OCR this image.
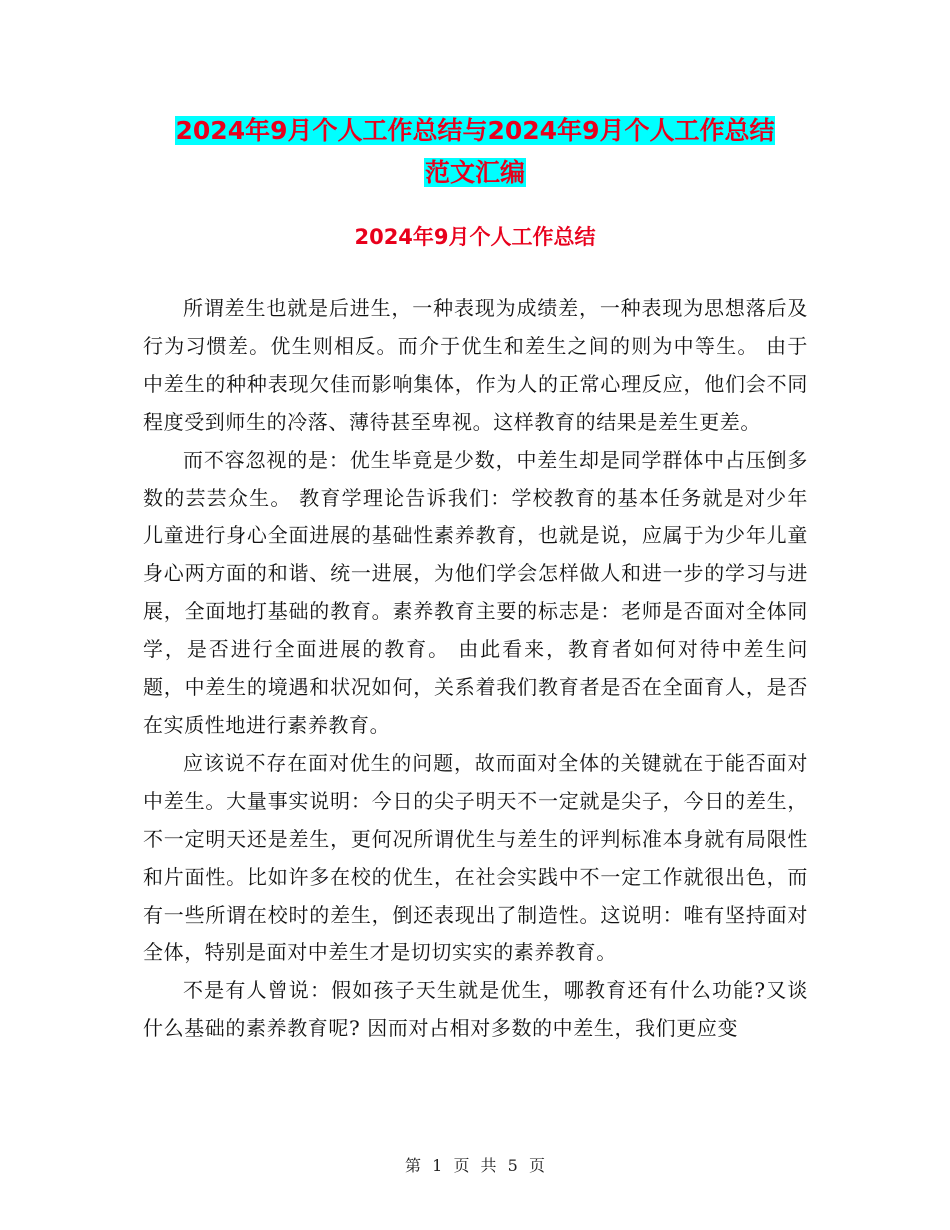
2024年9月个人工作总结与2024年9月个人工作总结
范文汇编
2024年9月个人工作总结

所谓差生也就是后进生，一种表现为成绩差，一种表现为思想落后及行为习惯差。优生则相反。而介于优生和差生之间的则为中等生。 由于中差生的种种表现欠佳而影响集体，作为人的正常心理反应，他们会不同程度受到师生的冷落、薄待甚至卑视。这样教育的结果是差生更差。

而不容忽视的是：优生毕竟是少数，中差生却是同学群体中占压倒多数的芸芸众生。 教育学理论告诉我们：学校教育的基本任务就是对少年儿童进行身心全面进展的基础性素养教育，也就是说，应属于为少年儿童身心两方面的和谐、统一进展，为他们学会怎样做人和进一步的学习与进展，全面地打基础的教育。素养教育主要的标志是：老师是否面对全体同学，是否进行全面进展的教育。 由此看来，教育者如何对待中差生问题，中差生的境遇和状况如何，关系着我们教育者是否在全面育人，是否在实质性地进行素养教育。

应该说不存在面对优生的问题，故而面对全体的关键就在于能否面对中差生。大量事实说明：今日的尖子明天不一定就是尖子，今日的差生，不一定明天还是差生，更何况所谓优生与差生的评判标准本身就有局限性和片面性。比如许多在校的优生，在社会实践中不一定工作就很出色，而有一些所谓在校时的差生，倒还表现出了制造性。这说明：唯有坚持面对全体，特别是面对中差生才是切切实实的素养教育。

不是有人曾说：假如孩子天生就是优生，哪教育还有什么功能?又谈什么基础的素养教育呢? 因而对占相对多数的中差生，我们更应变

第 1 页 共 5 页
